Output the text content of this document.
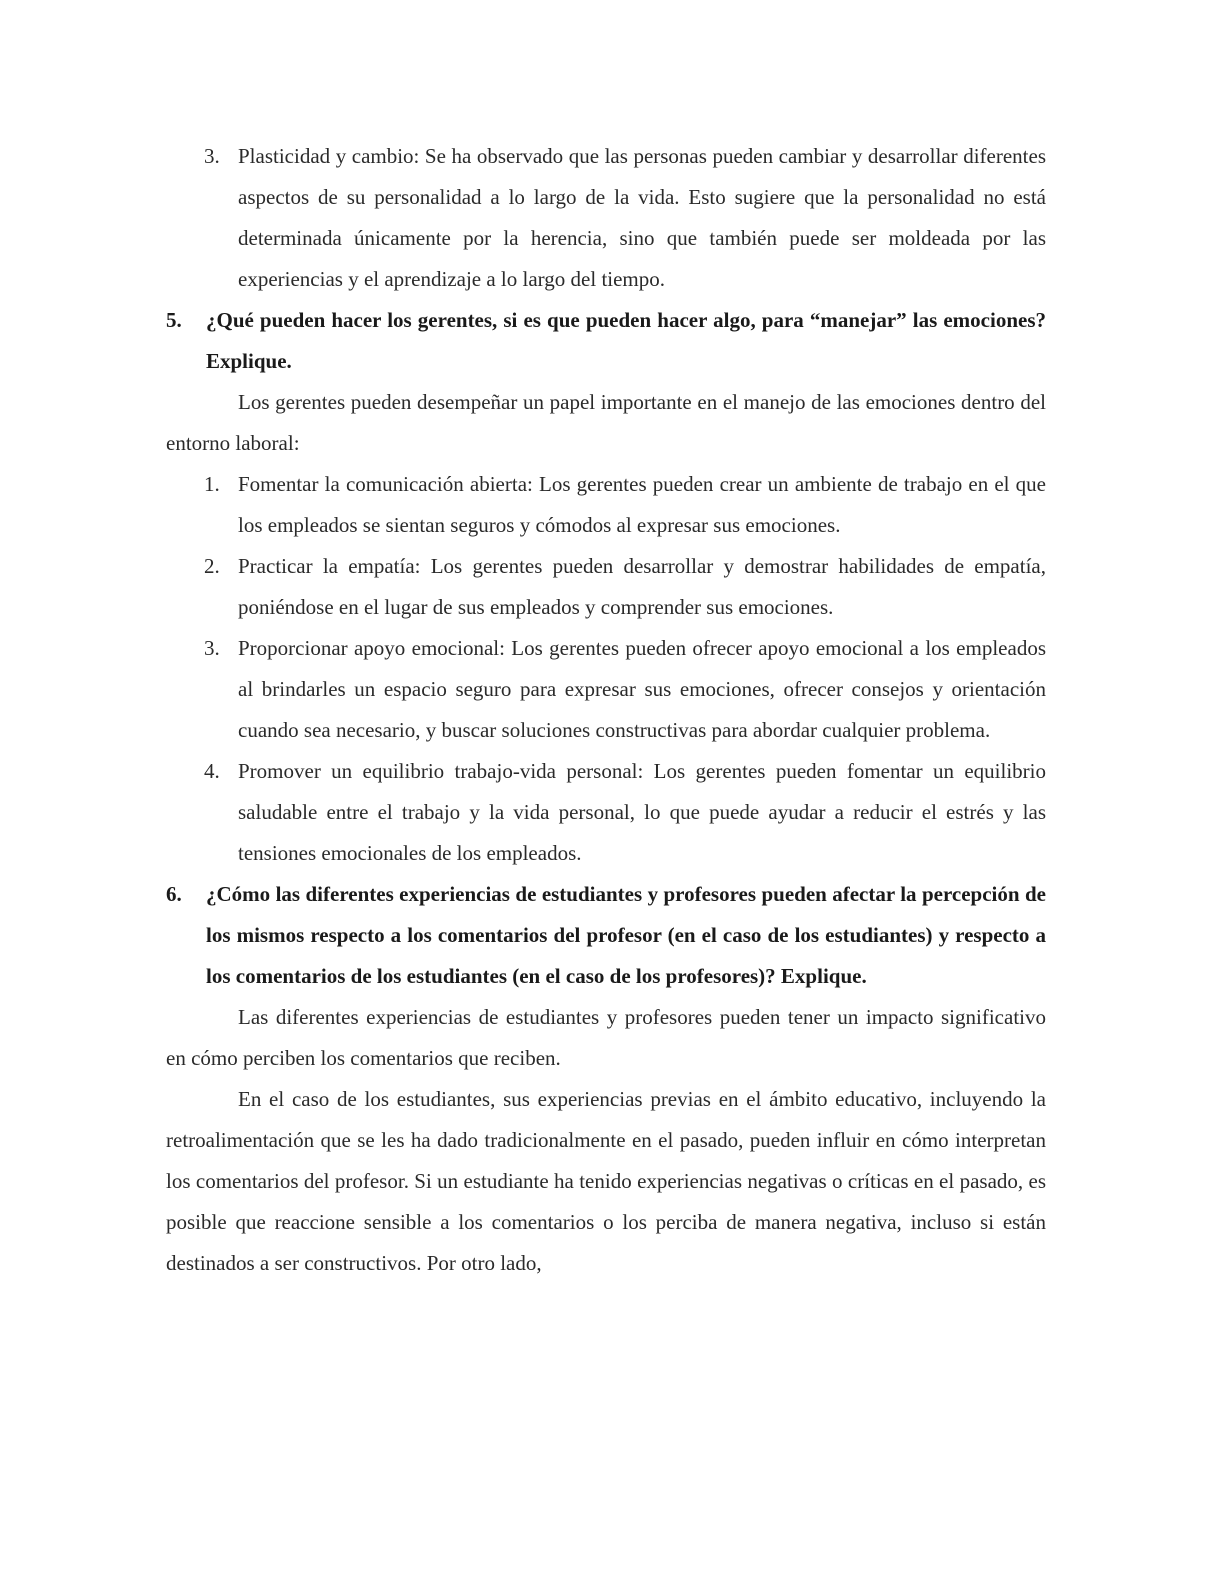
3. Plasticidad y cambio: Se ha observado que las personas pueden cambiar y desarrollar diferentes aspectos de su personalidad a lo largo de la vida. Esto sugiere que la personalidad no está determinada únicamente por la herencia, sino que también puede ser moldeada por las experiencias y el aprendizaje a lo largo del tiempo.
5. ¿Qué pueden hacer los gerentes, si es que pueden hacer algo, para “manejar” las emociones? Explique.

Los gerentes pueden desempeñar un papel importante en el manejo de las emociones dentro del entorno laboral:

1. Fomentar la comunicación abierta: Los gerentes pueden crear un ambiente de trabajo en el que los empleados se sientan seguros y cómodos al expresar sus emociones.
2. Practicar la empatía: Los gerentes pueden desarrollar y demostrar habilidades de empatía, poniéndose en el lugar de sus empleados y comprender sus emociones.
3. Proporcionar apoyo emocional: Los gerentes pueden ofrecer apoyo emocional a los empleados al brindarles un espacio seguro para expresar sus emociones, ofrecer consejos y orientación cuando sea necesario, y buscar soluciones constructivas para abordar cualquier problema.
4. Promover un equilibrio trabajo-vida personal: Los gerentes pueden fomentar un equilibrio saludable entre el trabajo y la vida personal, lo que puede ayudar a reducir el estrés y las tensiones emocionales de los empleados.
6. ¿Cómo las diferentes experiencias de estudiantes y profesores pueden afectar la percepción de los mismos respecto a los comentarios del profesor (en el caso de los estudiantes) y respecto a los comentarios de los estudiantes (en el caso de los profesores)? Explique.

Las diferentes experiencias de estudiantes y profesores pueden tener un impacto significativo en cómo perciben los comentarios que reciben.

En el caso de los estudiantes, sus experiencias previas en el ámbito educativo, incluyendo la retroalimentación que se les ha dado tradicionalmente en el pasado, pueden influir en cómo interpretan los comentarios del profesor. Si un estudiante ha tenido experiencias negativas o críticas en el pasado, es posible que reaccione sensible a los comentarios o los perciba de manera negativa, incluso si están destinados a ser constructivos. Por otro lado,
